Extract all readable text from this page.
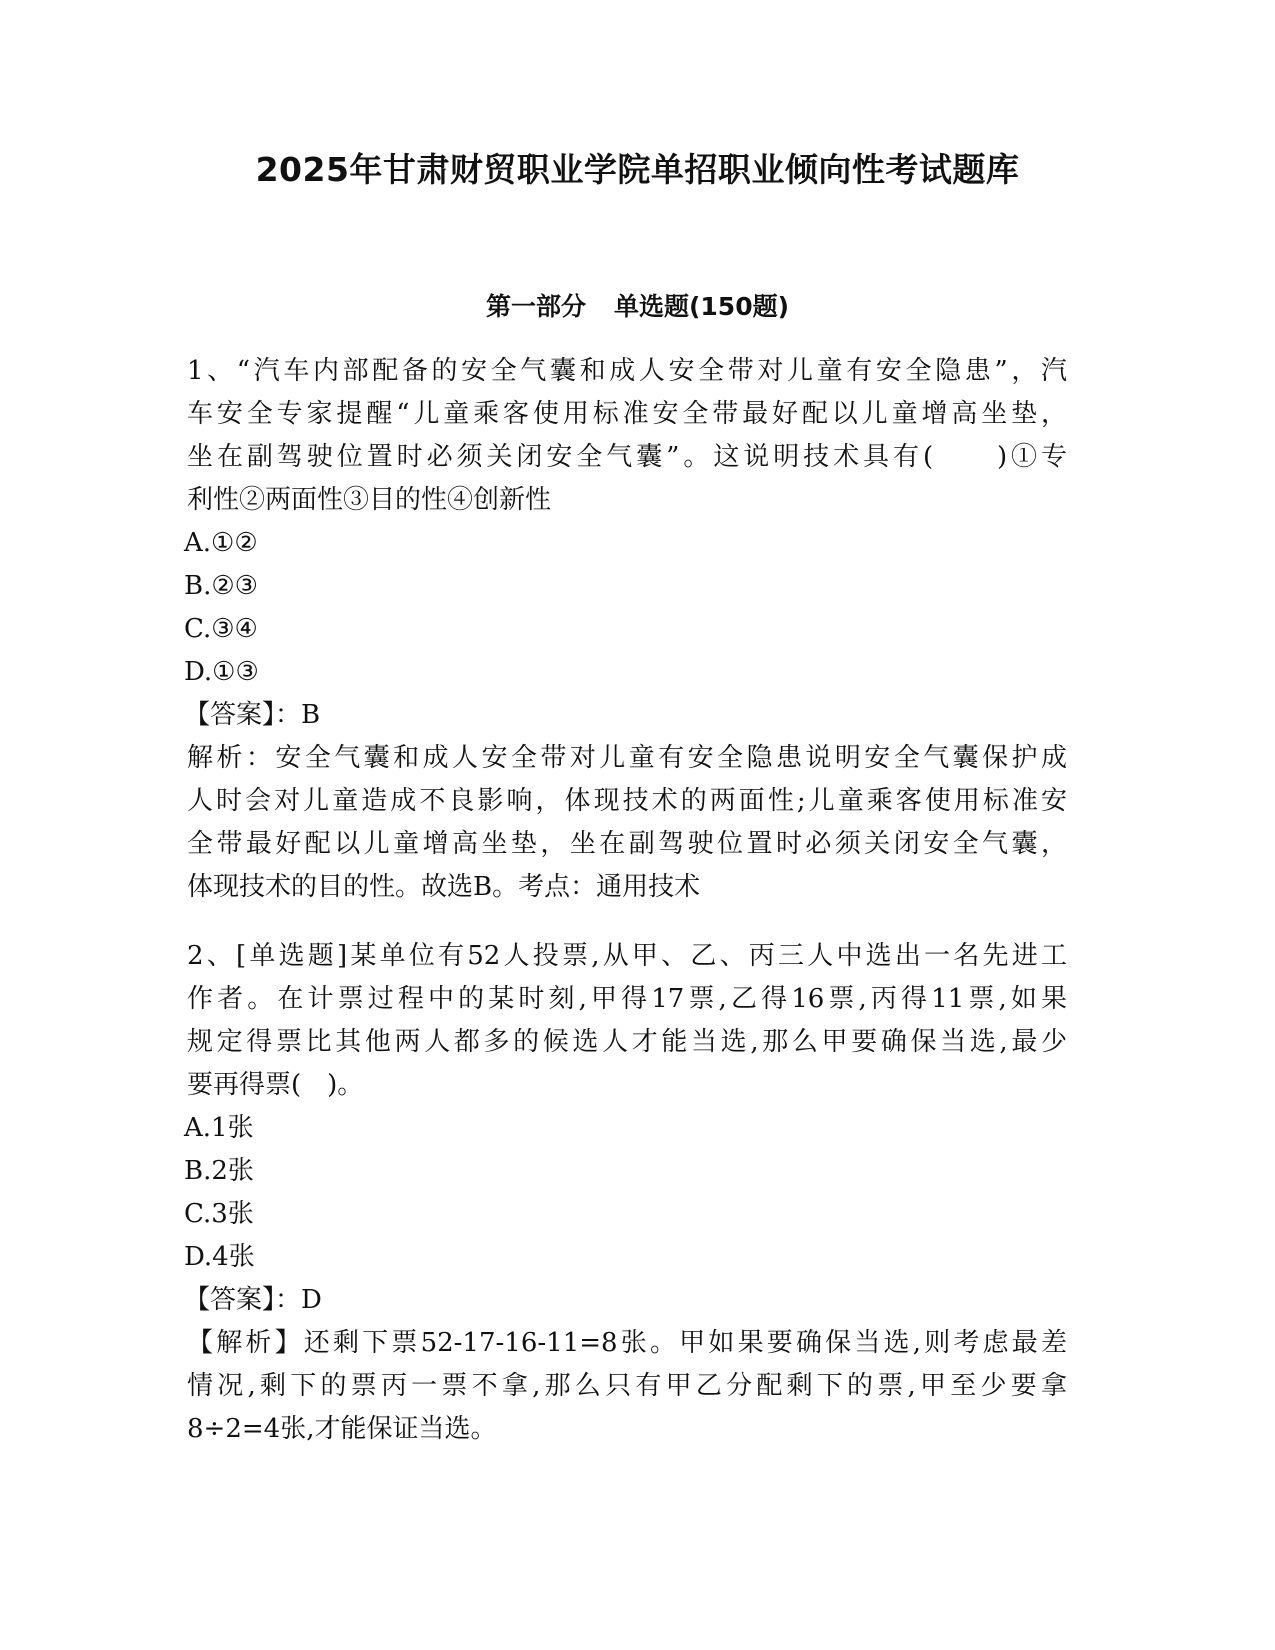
2025年甘肃财贸职业学院单招职业倾向性考试题库
第一部分 单选题(150题)
1、“汽车内部配备的安全气囊和成人安全带对儿童有安全隐患”，汽
车安全专家提醒“儿童乘客使用标准安全带最好配以儿童增高坐垫，
坐在副驾驶位置时必须关闭安全气囊”。这说明技术具有(　　)①专
利性②两面性③目的性④创新性
A.①②
B.②③
C.③④
D.①③
【答案】：B
解析：安全气囊和成人安全带对儿童有安全隐患说明安全气囊保护成
人时会对儿童造成不良影响，体现技术的两面性;儿童乘客使用标准安
全带最好配以儿童增高坐垫，坐在副驾驶位置时必须关闭安全气囊，
体现技术的目的性。故选B。考点：通用技术
2、[单选题]某单位有52人投票,从甲、乙、丙三人中选出一名先进工
作者。在计票过程中的某时刻,甲得17票,乙得16票,丙得11票,如果
规定得票比其他两人都多的候选人才能当选,那么甲要确保当选,最少
要再得票(　)。
A.1张
B.2张
C.3张
D.4张
【答案】：D
【解析】还剩下票52-17-16-11=8张。甲如果要确保当选,则考虑最差
情况,剩下的票丙一票不拿,那么只有甲乙分配剩下的票,甲至少要拿
8÷2=4张,才能保证当选。
